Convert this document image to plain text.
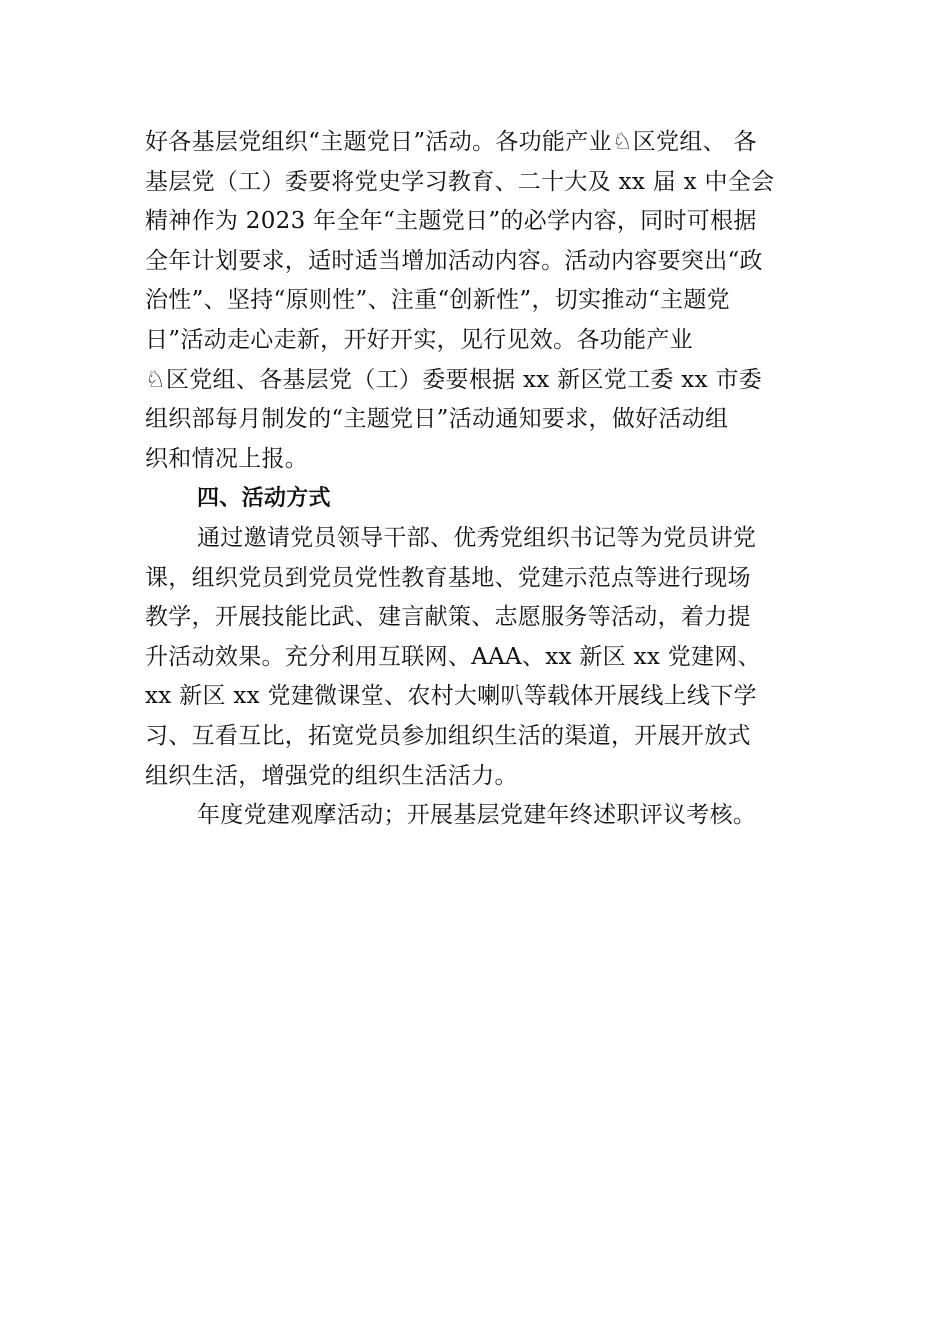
好各基层党组织“主题党日”活动。各功能产业♘区党组、 各
基层党（工）委要将党史学习教育、二十大及 xx 届 x 中全会
精神作为 2023 年全年“主题党日”的必学内容，同时可根据
全年计划要求，适时适当增加活动内容。活动内容要突出“政
治性”、坚持“原则性”、注重“创新性”，切实推动“主题党
日”活动走心走新，开好开实，见行见效。各功能产业
♘区党组、各基层党（工）委要根据 xx 新区党工委 xx 市委
组织部每月制发的“主题党日”活动通知要求，做好活动组
织和情况上报。
四、活动方式
通过邀请党员领导干部、优秀党组织书记等为党员讲党
课，组织党员到党员党性教育基地、党建示范点等进行现场
教学，开展技能比武、建言献策、志愿服务等活动，着力提
升活动效果。充分利用互联网、AAA、xx 新区 xx 党建网、
xx 新区 xx 党建微课堂、农村大喇叭等载体开展线上线下学
习、互看互比，拓宽党员参加组织生活的渠道，开展开放式
组织生活，增强党的组织生活活力。
年度党建观摩活动；开展基层党建年终述职评议考核。
